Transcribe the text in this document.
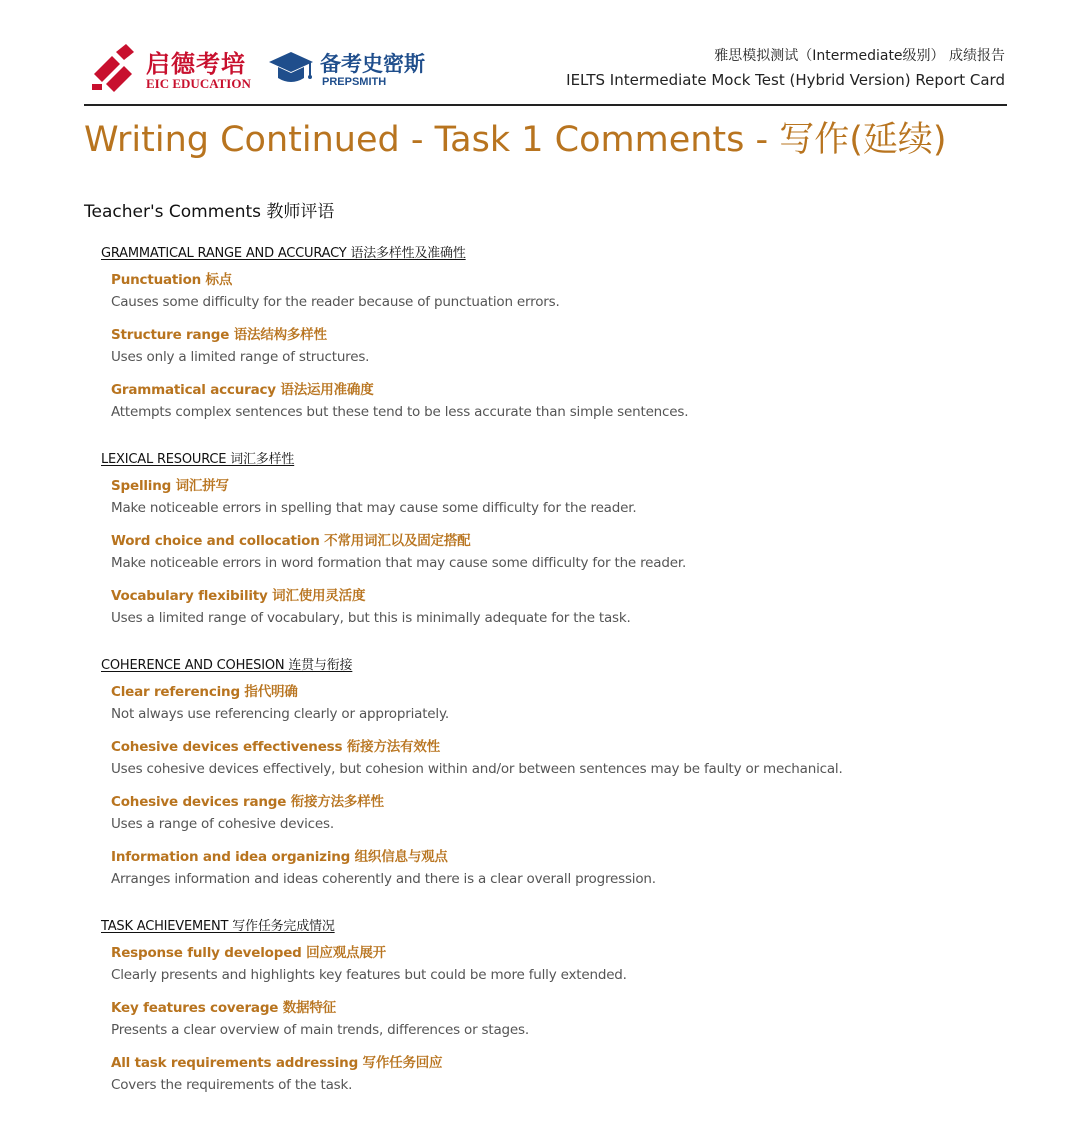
启德考培
EIC EDUCATION
备考史密斯
PREPSMITH
雅思模拟测试（Intermediate级别） 成绩报告
IELTS Intermediate Mock Test (Hybrid Version) Report Card
Writing Continued - Task 1 Comments - 写作(延续)
Teacher's Comments 教师评语
GRAMMATICAL RANGE AND ACCURACY 语法多样性及准确性
Punctuation 标点
Causes some difficulty for the reader because of punctuation errors.
Structure range 语法结构多样性
Uses only a limited range of structures.
Grammatical accuracy 语法运用准确度
Attempts complex sentences but these tend to be less accurate than simple sentences.
LEXICAL RESOURCE 词汇多样性
Spelling 词汇拼写
Make noticeable errors in spelling that may cause some difficulty for the reader.
Word choice and collocation 不常用词汇以及固定搭配
Make noticeable errors in word formation that may cause some difficulty for the reader.
Vocabulary flexibility 词汇使用灵活度
Uses a limited range of vocabulary, but this is minimally adequate for the task.
COHERENCE AND COHESION 连贯与衔接
Clear referencing 指代明确
Not always use referencing clearly or appropriately.
Cohesive devices effectiveness 衔接方法有效性
Uses cohesive devices effectively, but cohesion within and/or between sentences may be faulty or mechanical.
Cohesive devices range 衔接方法多样性
Uses a range of cohesive devices.
Information and idea organizing 组织信息与观点
Arranges information and ideas coherently and there is a clear overall progression.
TASK ACHIEVEMENT 写作任务完成情况
Response fully developed 回应观点展开
Clearly presents and highlights key features but could be more fully extended.
Key features coverage 数据特征
Presents a clear overview of main trends, differences or stages.
All task requirements addressing 写作任务回应
Covers the requirements of the task.
